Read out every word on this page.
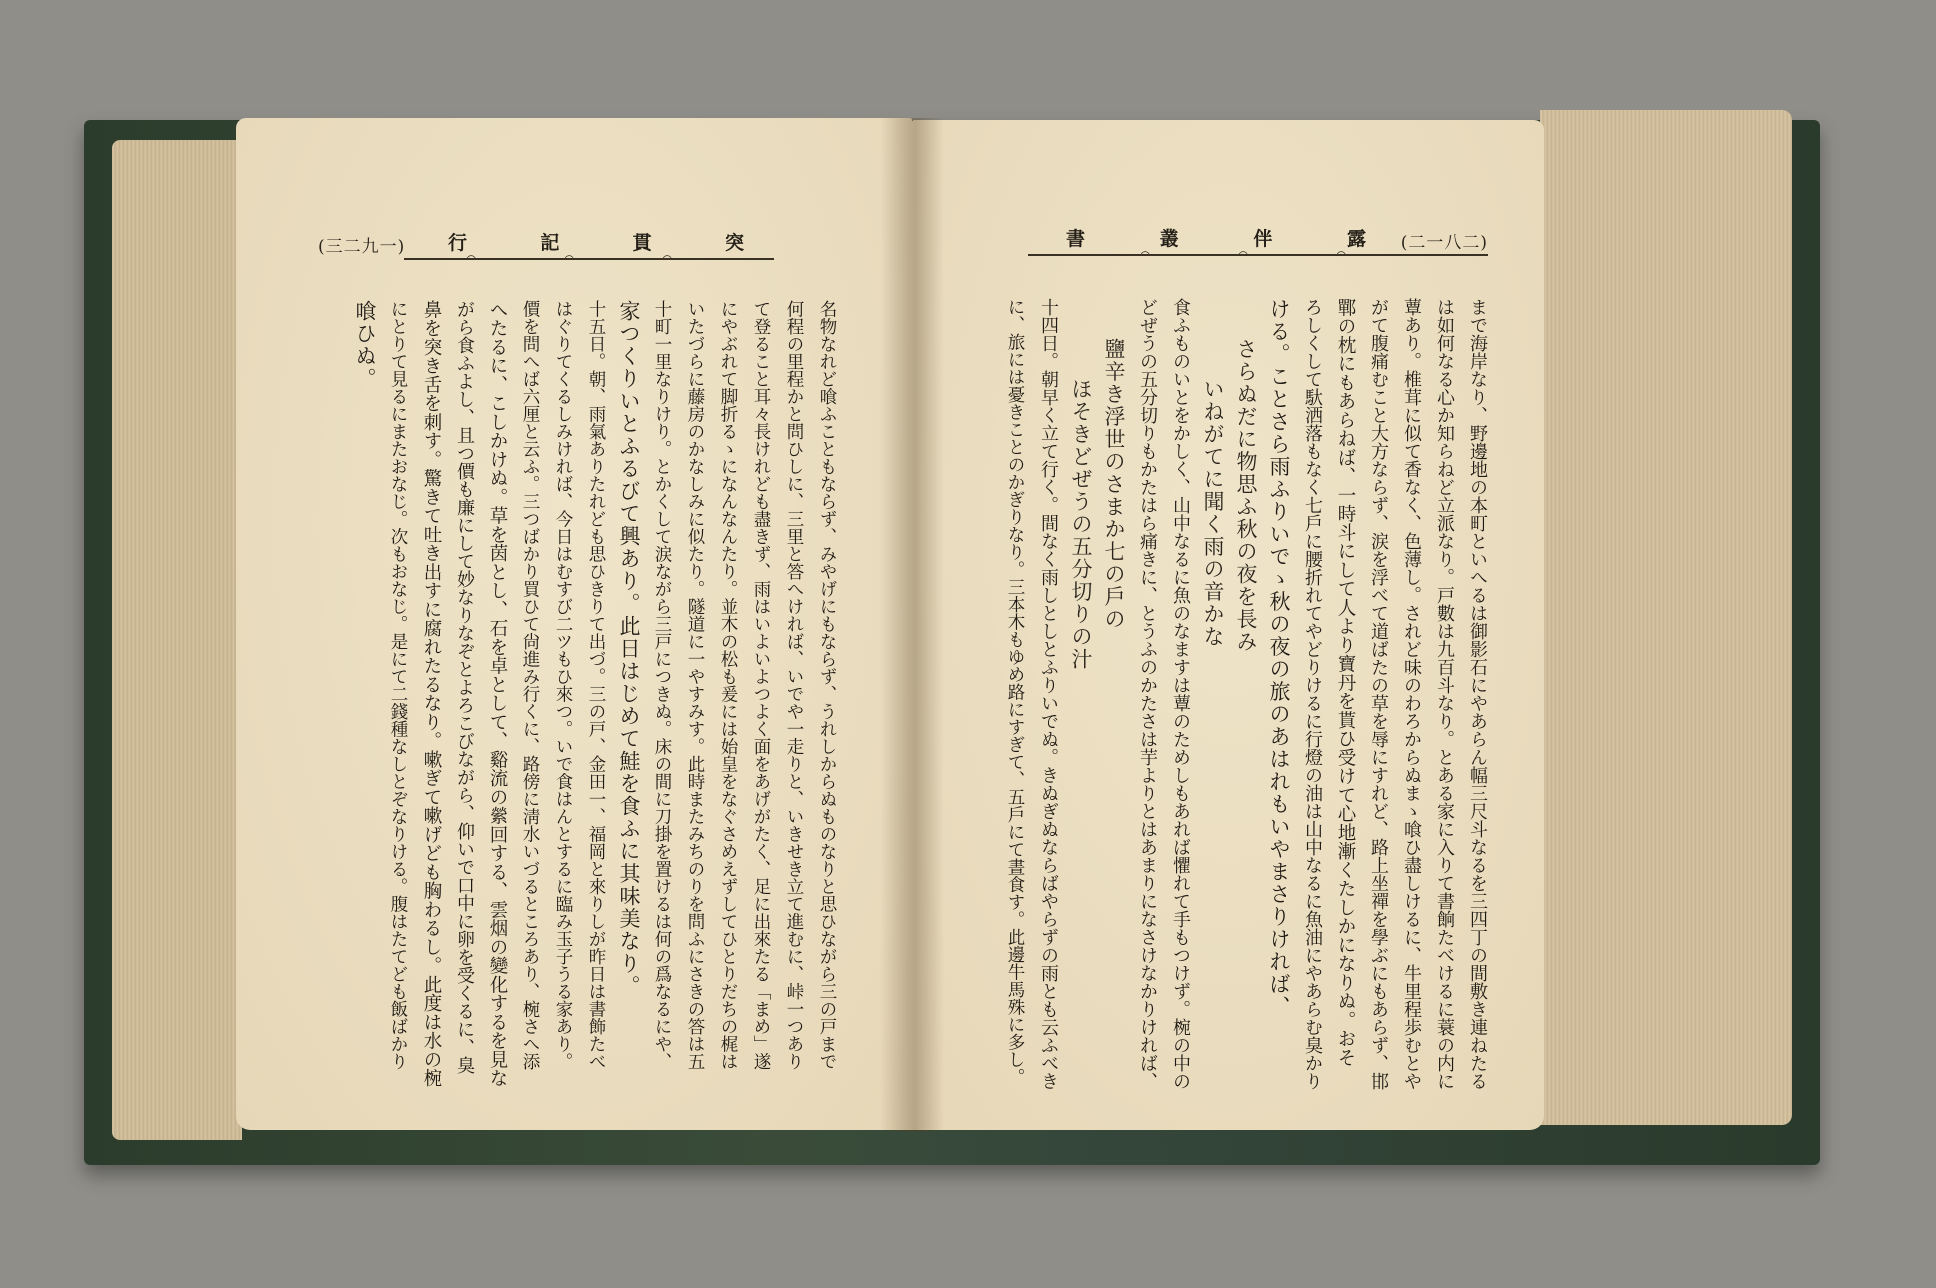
(三二九一)	突
貫
記
行
◠	◠	◠
(二一八二)
露
伴
叢
書
◠	◠	◠
名物なれど喰ふこともならず、みやげにもならず、うれしからぬものなりと思ひながら三の戸まで
何程の里程かと問ひしに、三里と答へければ、いでや一走りと、いきせき立て進むに、峠一つあり
て登ること耳々長けれども盡きず、雨はいよいよつよく面をあげがたく、足に出來たる「まめ」遂
にやぶれて脚折るゝになんなんたり。並木の松も爰には始皇をなぐさめえずしてひとりだちの梶は
いたづらに藤房のかなしみに似たり。隧道に一やすみす。此時またみちのりを問ふにさきの答は五
十町一里なりけり。とかくして涙ながら三戸につきぬ。床の間に刀掛を置けるは何の爲なるにや、
家つくりいとふるびて興あり。此日はじめて鮭を食ふに其味美なり。
十五日。朝、雨氣ありたれども思ひきりて出づ。三の戸、金田一、福岡と來りしが昨日は書飾たべ
はぐりてくるしみければ、今日はむすび二ツもひ來つ。いで食はんとするに臨み玉子うる家あり。
價を問へば六厘と云ふ。三つばかり買ひて尙進み行くに、路傍に淸水いづるところあり、椀さへ添
へたるに、こしかけぬ。草を茵とし、石を卓として、谿流の縈回する、雲烟の變化するを見な
がら食ふよし、且つ價も廉にして妙なりなぞとよろこびながら、仰いで口中に卵を受くるに、臭
鼻を突き舌を刺す。驚きて吐き出すに腐れたるなり。嗽ぎて嗽げども胸わるし。此度は水の椀
にとりて見るにまたおなじ。次もおなじ。是にて二錢種なしとぞなりける。腹はたてども飯ばかり
喰ひぬ。	まで海岸なり、野邊地の本町といへるは御影石にやあらん幅三尺斗なるを三四丁の間敷き連ねたる
は如何なる心か知らねど立派なり。戸數は九百斗なり。とある家に入りて書餉たべけるに蓑の内に
蕈あり。椎茸に似て香なく、色薄し。されど味のわろからぬまゝ喰ひ盡しけるに、牛里程歩むとや
がて腹痛むこと大方ならず、涙を浮べて道ばたの草を辱にすれど、路上坐禪を學ぶにもあらず、邯
鄲の枕にもあらねば、一時斗にして人より寶丹を貰ひ受けて心地漸くたしかになりぬ。おそ
ろしくして馱洒落もなく七戶に腰折れてやどりけるに行燈の油は山中なるに魚油にやあらむ臭かり
ける。ことさら雨ふりいでゝ秋の夜の旅のあはれもいやまさりければ、
さらぬだに物思ふ秋の夜を長み
いねがてに聞く雨の音かな
食ふものいとをかしく、山中なるに魚のなますは蕈のためしもあれば懼れて手もつけず。椀の中の
どぜうの五分切りもかたはら痛きに、とうふのかたさは芋よりとはあまりになさけなかりければ、
鹽辛き浮世のさまか七の戶の
ほそきどぜうの五分切りの汁
十四日。朝早く立て行く。間なく雨しとしとふりいでぬ。きぬぎぬならばやらずの雨とも云ふべき
に、旅には憂きことのかぎりなり。三本木もゆめ路にすぎて、五戶にて晝食す。此邊牛馬殊に多し。
